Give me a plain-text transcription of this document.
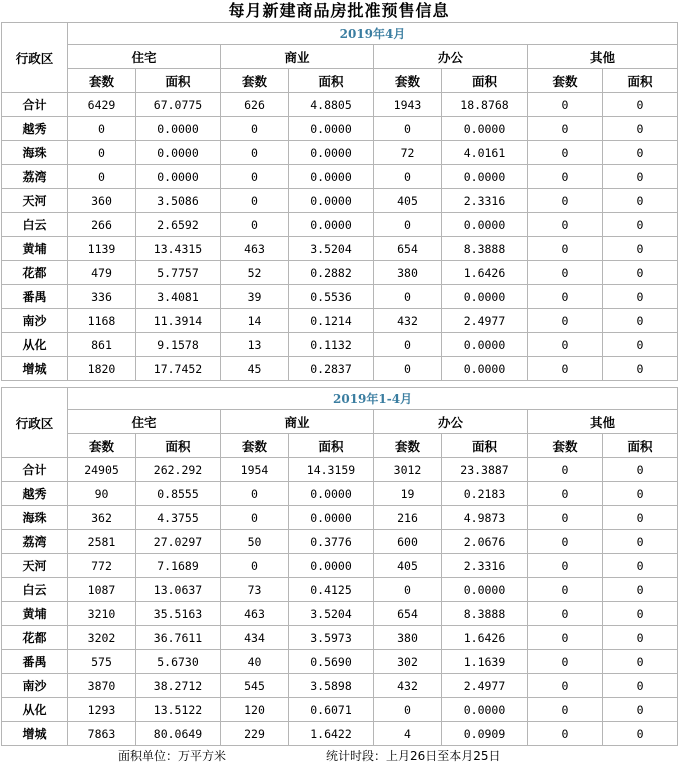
每月新建商品房批准预售信息
行政区	2019年4月							
	住宅		商业		办公		其他	
	套数	面积	套数	面积	套数	面积	套数	面积
合计	6429	67.0775	626	4.8805	1943	18.8768	0	0
越秀	0	0.0000	0	0.0000	0	0.0000	0	0
海珠	0	0.0000	0	0.0000	72	4.0161	0	0
荔湾	0	0.0000	0	0.0000	0	0.0000	0	0
天河	360	3.5086	0	0.0000	405	2.3316	0	0
白云	266	2.6592	0	0.0000	0	0.0000	0	0
黄埔	1139	13.4315	463	3.5204	654	8.3888	0	0
花都	479	5.7757	52	0.2882	380	1.6426	0	0
番禺	336	3.4081	39	0.5536	0	0.0000	0	0
南沙	1168	11.3914	14	0.1214	432	2.4977	0	0
从化	861	9.1578	13	0.1132	0	0.0000	0	0
增城	1820	17.7452	45	0.2837	0	0.0000	0	0
行政区	2019年1-4月							
	住宅		商业		办公		其他	
	套数	面积	套数	面积	套数	面积	套数	面积
合计	24905	262.292	1954	14.3159	3012	23.3887	0	0
越秀	90	0.8555	0	0.0000	19	0.2183	0	0
海珠	362	4.3755	0	0.0000	216	4.9873	0	0
荔湾	2581	27.0297	50	0.3776	600	2.0676	0	0
天河	772	7.1689	0	0.0000	405	2.3316	0	0
白云	1087	13.0637	73	0.4125	0	0.0000	0	0
黄埔	3210	35.5163	463	3.5204	654	8.3888	0	0
花都	3202	36.7611	434	3.5973	380	1.6426	0	0
番禺	575	5.6730	40	0.5690	302	1.1639	0	0
南沙	3870	38.2712	545	3.5898	432	2.4977	0	0
从化	1293	13.5122	120	0.6071	0	0.0000	0	0
增城	7863	80.0649	229	1.6422	4	0.0909	0	0
面积单位：万平方米	统计时段：上月26日至本月25日
